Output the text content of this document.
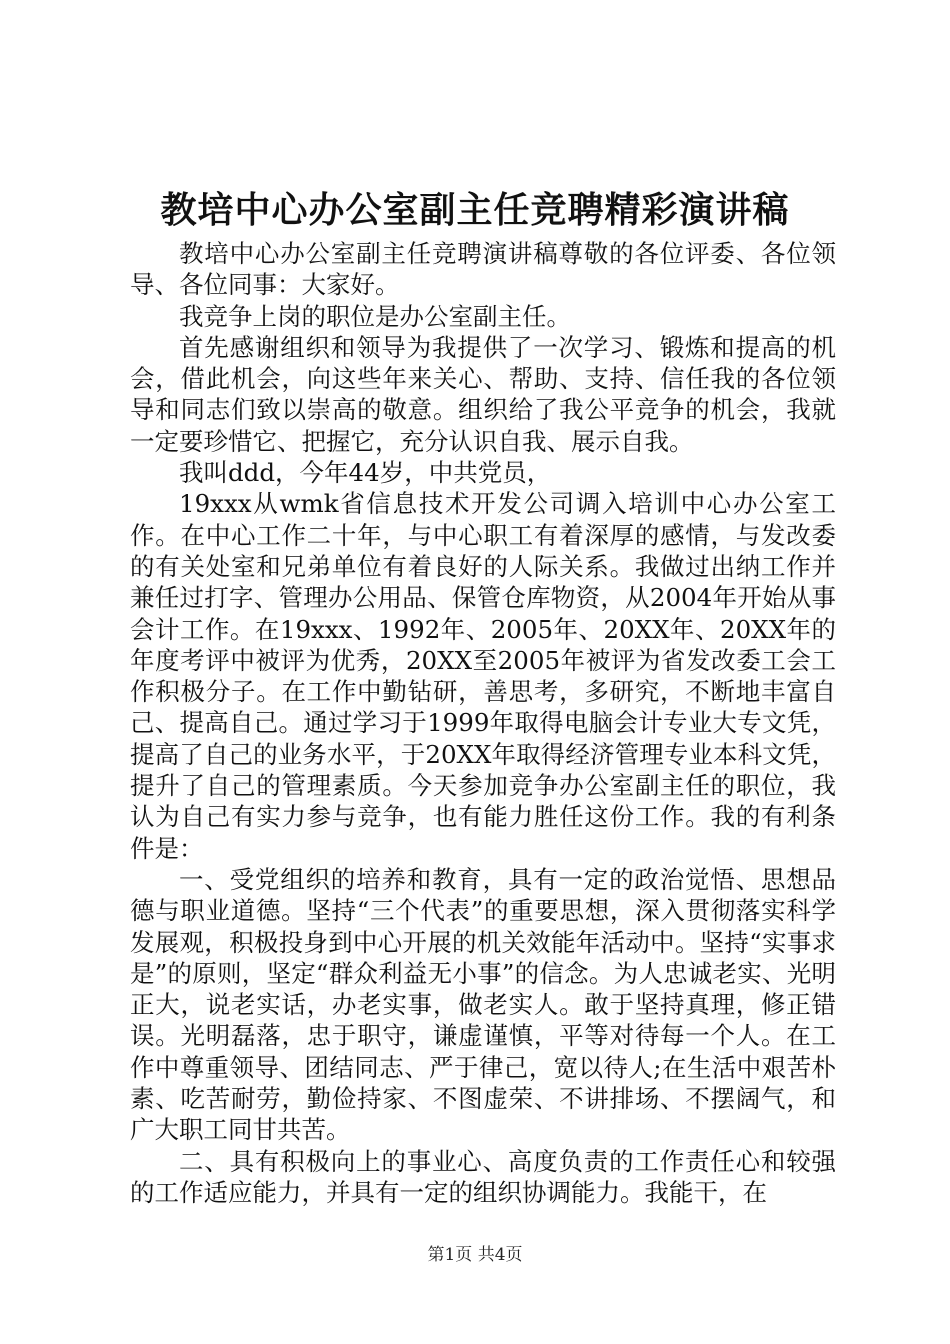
教培中心办公室副主任竞聘精彩演讲稿

教培中心办公室副主任竞聘演讲稿尊敬的各位评委、各位领导、各位同事：大家好。

我竞争上岗的职位是办公室副主任。

首先感谢组织和领导为我提供了一次学习、锻炼和提高的机会，借此机会，向这些年来关心、帮助、支持、信任我的各位领导和同志们致以崇高的敬意。组织给了我公平竞争的机会，我就一定要珍惜它、把握它，充分认识自我、展示自我。

我叫ddd，今年44岁，中共党员，

19xxx从wmk省信息技术开发公司调入培训中心办公室工作。在中心工作二十年，与中心职工有着深厚的感情，与发改委的有关处室和兄弟单位有着良好的人际关系。我做过出纳工作并兼任过打字、管理办公用品、保管仓库物资，从2004年开始从事会计工作。在19xxx、1992年、2005年、20XX年、20XX年的年度考评中被评为优秀，20XX至2005年被评为省发改委工会工作积极分子。在工作中勤钻研，善思考，多研究，不断地丰富自己、提高自己。通过学习于1999年取得电脑会计专业大专文凭，提高了自己的业务水平，于20XX年取得经济管理专业本科文凭，提升了自己的管理素质。今天参加竞争办公室副主任的职位，我认为自己有实力参与竞争，也有能力胜任这份工作。我的有利条件是：

一、受党组织的培养和教育，具有一定的政治觉悟、思想品德与职业道德。坚持“三个代表”的重要思想，深入贯彻落实科学发展观，积极投身到中心开展的机关效能年活动中。坚持“实事求是”的原则，坚定“群众利益无小事”的信念。为人忠诚老实、光明正大，说老实话，办老实事，做老实人。敢于坚持真理，修正错误。光明磊落，忠于职守，谦虚谨慎，平等对待每一个人。在工作中尊重领导、团结同志、严于律己，宽以待人;在生活中艰苦朴素、吃苦耐劳，勤俭持家、不图虚荣、不讲排场、不摆阔气，和广大职工同甘共苦。

二、具有积极向上的事业心、高度负责的工作责任心和较强的工作适应能力，并具有一定的组织协调能力。我能干，在

第1页 共4页
